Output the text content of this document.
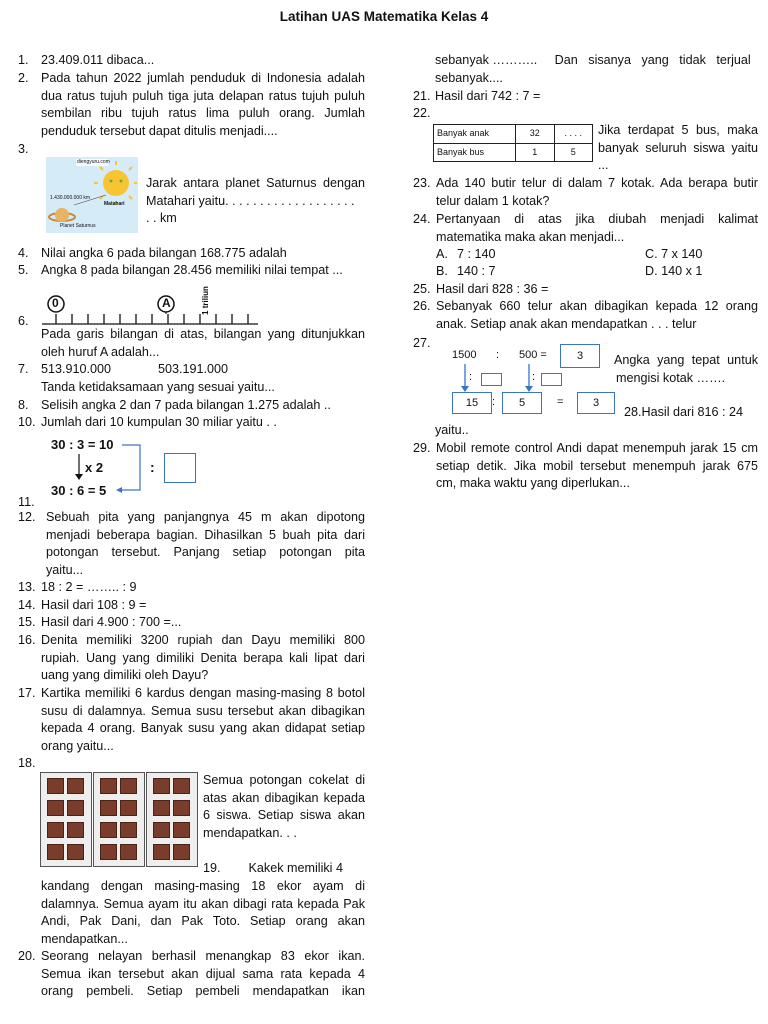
Latihan UAS Matematika Kelas 4
1. 23.409.011 dibaca...
2. Pada tahun 2022 jumlah penduduk di Indonesia adalah
dua ratus tujuh puluh tiga juta delapan ratus tujuh puluh
sembilan ribu tujuh ratus lima puluh orang. Jumlah
penduduk tersebut dapat ditulis menjadi....
3.
diengyuru.com
1.430.000.000 km
Matahari
Planet Saturnus
Jarak antara planet Saturnus dengan
Matahari yaitu. . . . . . . . . . . . . . . . . . .
. . km
4. Nilai angka 6 pada bilangan 168.775 adalah
5. Angka 8 pada bilangan 28.456 memiliki nilai tempat ...
0	A	1 triliun
6.
Pada garis bilangan di atas, bilangan yang ditunjukkan
oleh huruf A adalah...
7. 513.910.000	503.191.000
Tanda ketidaksamaan yang sesuai yaitu...
8. Selisih angka 2 dan 7 pada bilangan 1.275 adalah ..
10. Jumlah dari 10 kumpulan 30 miliar yaitu . .
30 : 3 = 10
x 2
30 : 6 = 5
:
11.
12. Sebuah pita yang panjangnya 45 m akan dipotong
menjadi beberapa bagian. Dihasilkan 5 buah pita dari
potongan tersebut. Panjang setiap potongan pita
yaitu...
13. 18 : 2 = …….. : 9
14. Hasil dari 108 : 9 =
15. Hasil dari 4.900 : 700 =...
16. Denita memiliki 3200 rupiah dan Dayu memiliki 800
rupiah. Uang yang dimiliki Denita berapa kali lipat dari
uang yang dimiliki oleh Dayu?
17. Kartika memiliki 6 kardus dengan masing-masing 8 botol
susu di dalamnya. Semua susu tersebut akan dibagikan
kepada 4 orang. Banyak susu yang akan didapat setiap
orang yaitu...
18.
Semua potongan cokelat di
atas akan dibagikan kepada
6 siswa. Setiap siswa akan
mendapatkan. . .
19.        Kakek memiliki 4
kandang dengan masing-masing 18 ekor ayam di
dalamnya. Semua ayam itu akan dibagi rata kepada Pak
Andi, Pak Dani, dan Pak Toto. Setiap orang akan
mendapatkan...
20. Seorang nelayan berhasil menangkap 83 ekor ikan.
Semua ikan tersebut akan dijual sama rata kepada 4
orang pembeli. Setiap pembeli mendapatkan ikan
sebanyak ………..     Dan   sisanya   yang   tidak   terjual
sebanyak....
21. Hasil dari 742 : 7 =
22.
Banyak anak	32	. . . .
Banyak bus	1	5
Jika terdapat 5 bus, maka
banyak seluruh siswa yaitu
...
23. Ada 140 butir telur di dalam 7 kotak. Ada berapa butir
telur dalam 1 kotak?
24. Pertanyaan di atas jika diubah menjadi kalimat
matematika maka akan menjadi...
A. 7 : 140	C. 7 x 140
B. 140 : 7	D. 140 x 1
25. Hasil dari 828 : 36 =
26. Sebanyak 660 telur akan dibagikan kepada 12 orang
anak. Setiap anak akan mendapatkan . . . telur
27.
1500 : 500 =	3
:	:
15	:	5	=	3
Angka yang tepat untuk
mengisi kotak …….
28.Hasil dari 816 : 24
yaitu..
29. Mobil remote control Andi dapat menempuh jarak 15 cm
setiap detik. Jika mobil tersebut menempuh jarak 675
cm, maka waktu yang diperlukan...
